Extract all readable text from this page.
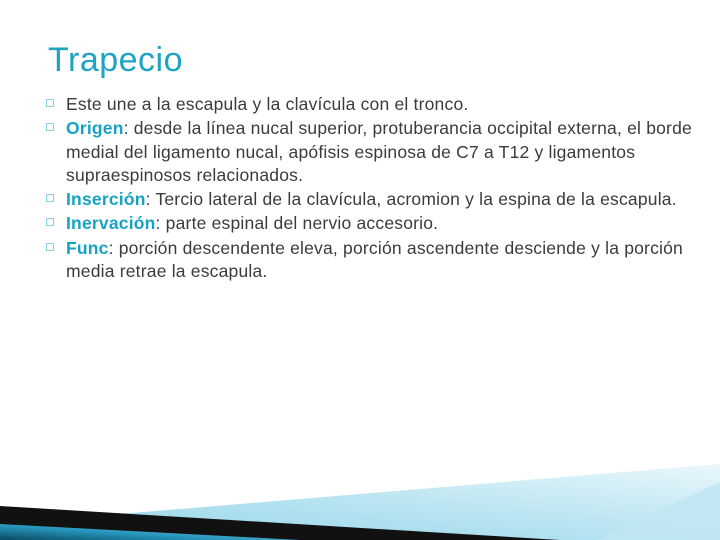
Trapecio
Este une a la escapula y la clavícula con el tronco.
Origen: desde la línea nucal superior, protuberancia occipital externa, el borde medial del ligamento nucal, apófisis espinosa de C7 a T12 y ligamentos supraespinosos relacionados.
Inserción: Tercio lateral de la clavícula, acromion y la espina de la escapula.
Inervación: parte espinal del nervio accesorio.
Func: porción descendente eleva, porción ascendente desciende y la porción media retrae la escapula.
